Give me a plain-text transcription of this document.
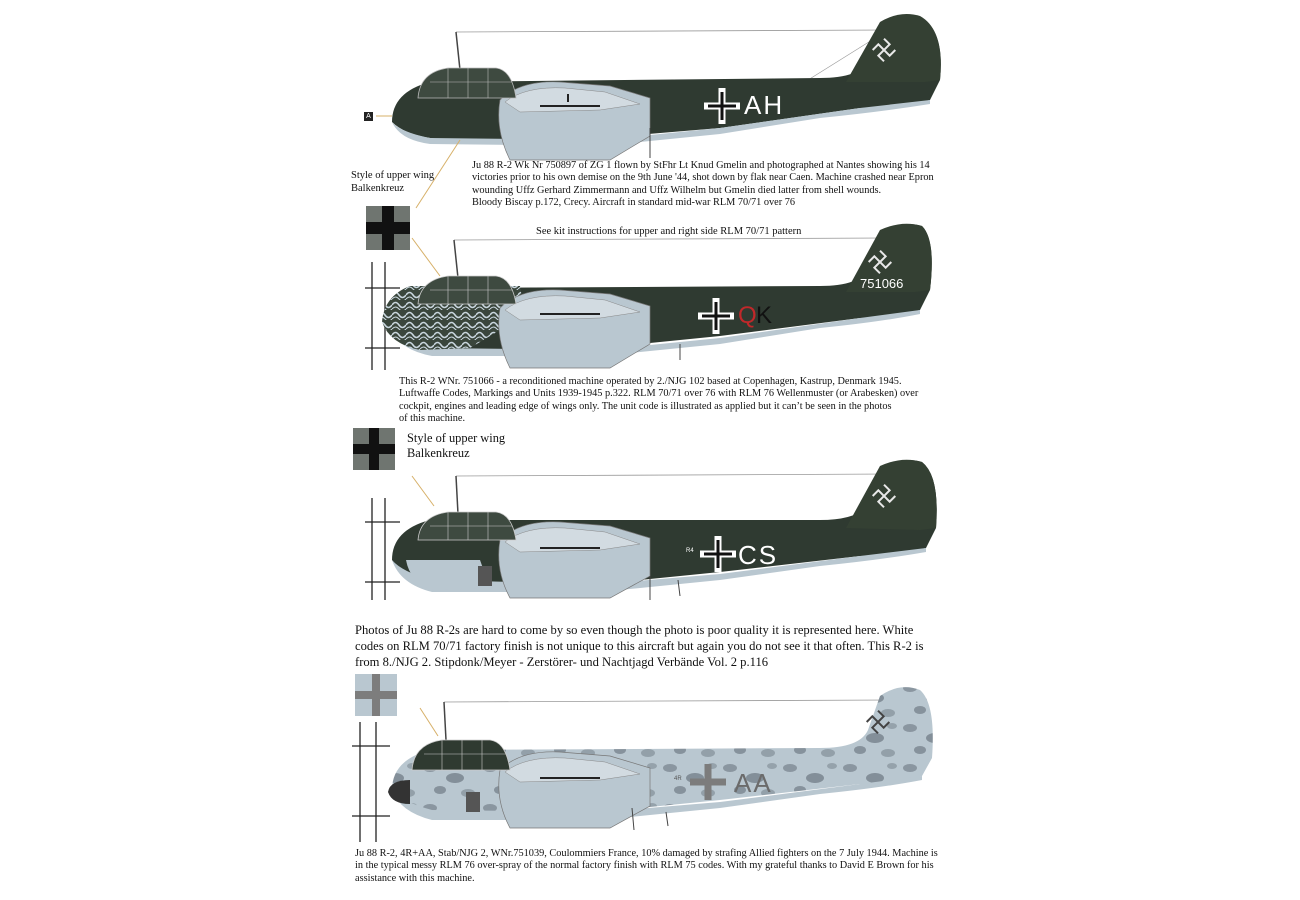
A	AH
751066
Q K
R4 CS
4R AA
Style of upper wing
Balkenkreuz
Style of upper wing
Balkenkreuz
See kit instructions for upper and right side RLM 70/71 pattern
Ju 88 R-2 Wk Nr 750897 of ZG 1 flown by StFhr Lt Knud Gmelin and photographed at Nantes showing his 14
victories prior to his own demise on the 9th June '44, shot down by flak near Caen. Machine crashed near Epron
wounding Uffz Gerhard Zimmermann and Uffz Wilhelm but Gmelin died latter from shell wounds.
Bloody Biscay p.172, Crecy. Aircraft in standard mid-war RLM 70/71 over 76
This R-2 WNr. 751066 - a reconditioned machine operated by 2./NJG 102 based at Copenhagen, Kastrup, Denmark 1945.
Luftwaffe Codes, Markings and Units 1939-1945 p.322. RLM 70/71 over 76 with RLM 76 Wellenmuster (or Arabesken) over
cockpit, engines and leading edge of wings only. The unit code is illustrated as applied but it can’t be seen in the photos
of this machine.
Photos of Ju 88 R-2s are hard to come by so even though the photo is poor quality it is represented here. White
codes on RLM 70/71 factory finish is not unique to this aircraft but again you do not see it that often. This R-2 is
from 8./NJG 2. Stipdonk/Meyer - Zerstörer- und Nachtjagd Verbände Vol. 2 p.116
Ju 88 R-2, 4R+AA, Stab/NJG 2, WNr.751039, Coulommiers France, 10% damaged by strafing Allied fighters on the 7 July 1944. Machine is
in the typical messy RLM 76 over-spray of the normal factory finish with RLM 75 codes. With my grateful thanks to David E Brown for his
assistance with this machine.
